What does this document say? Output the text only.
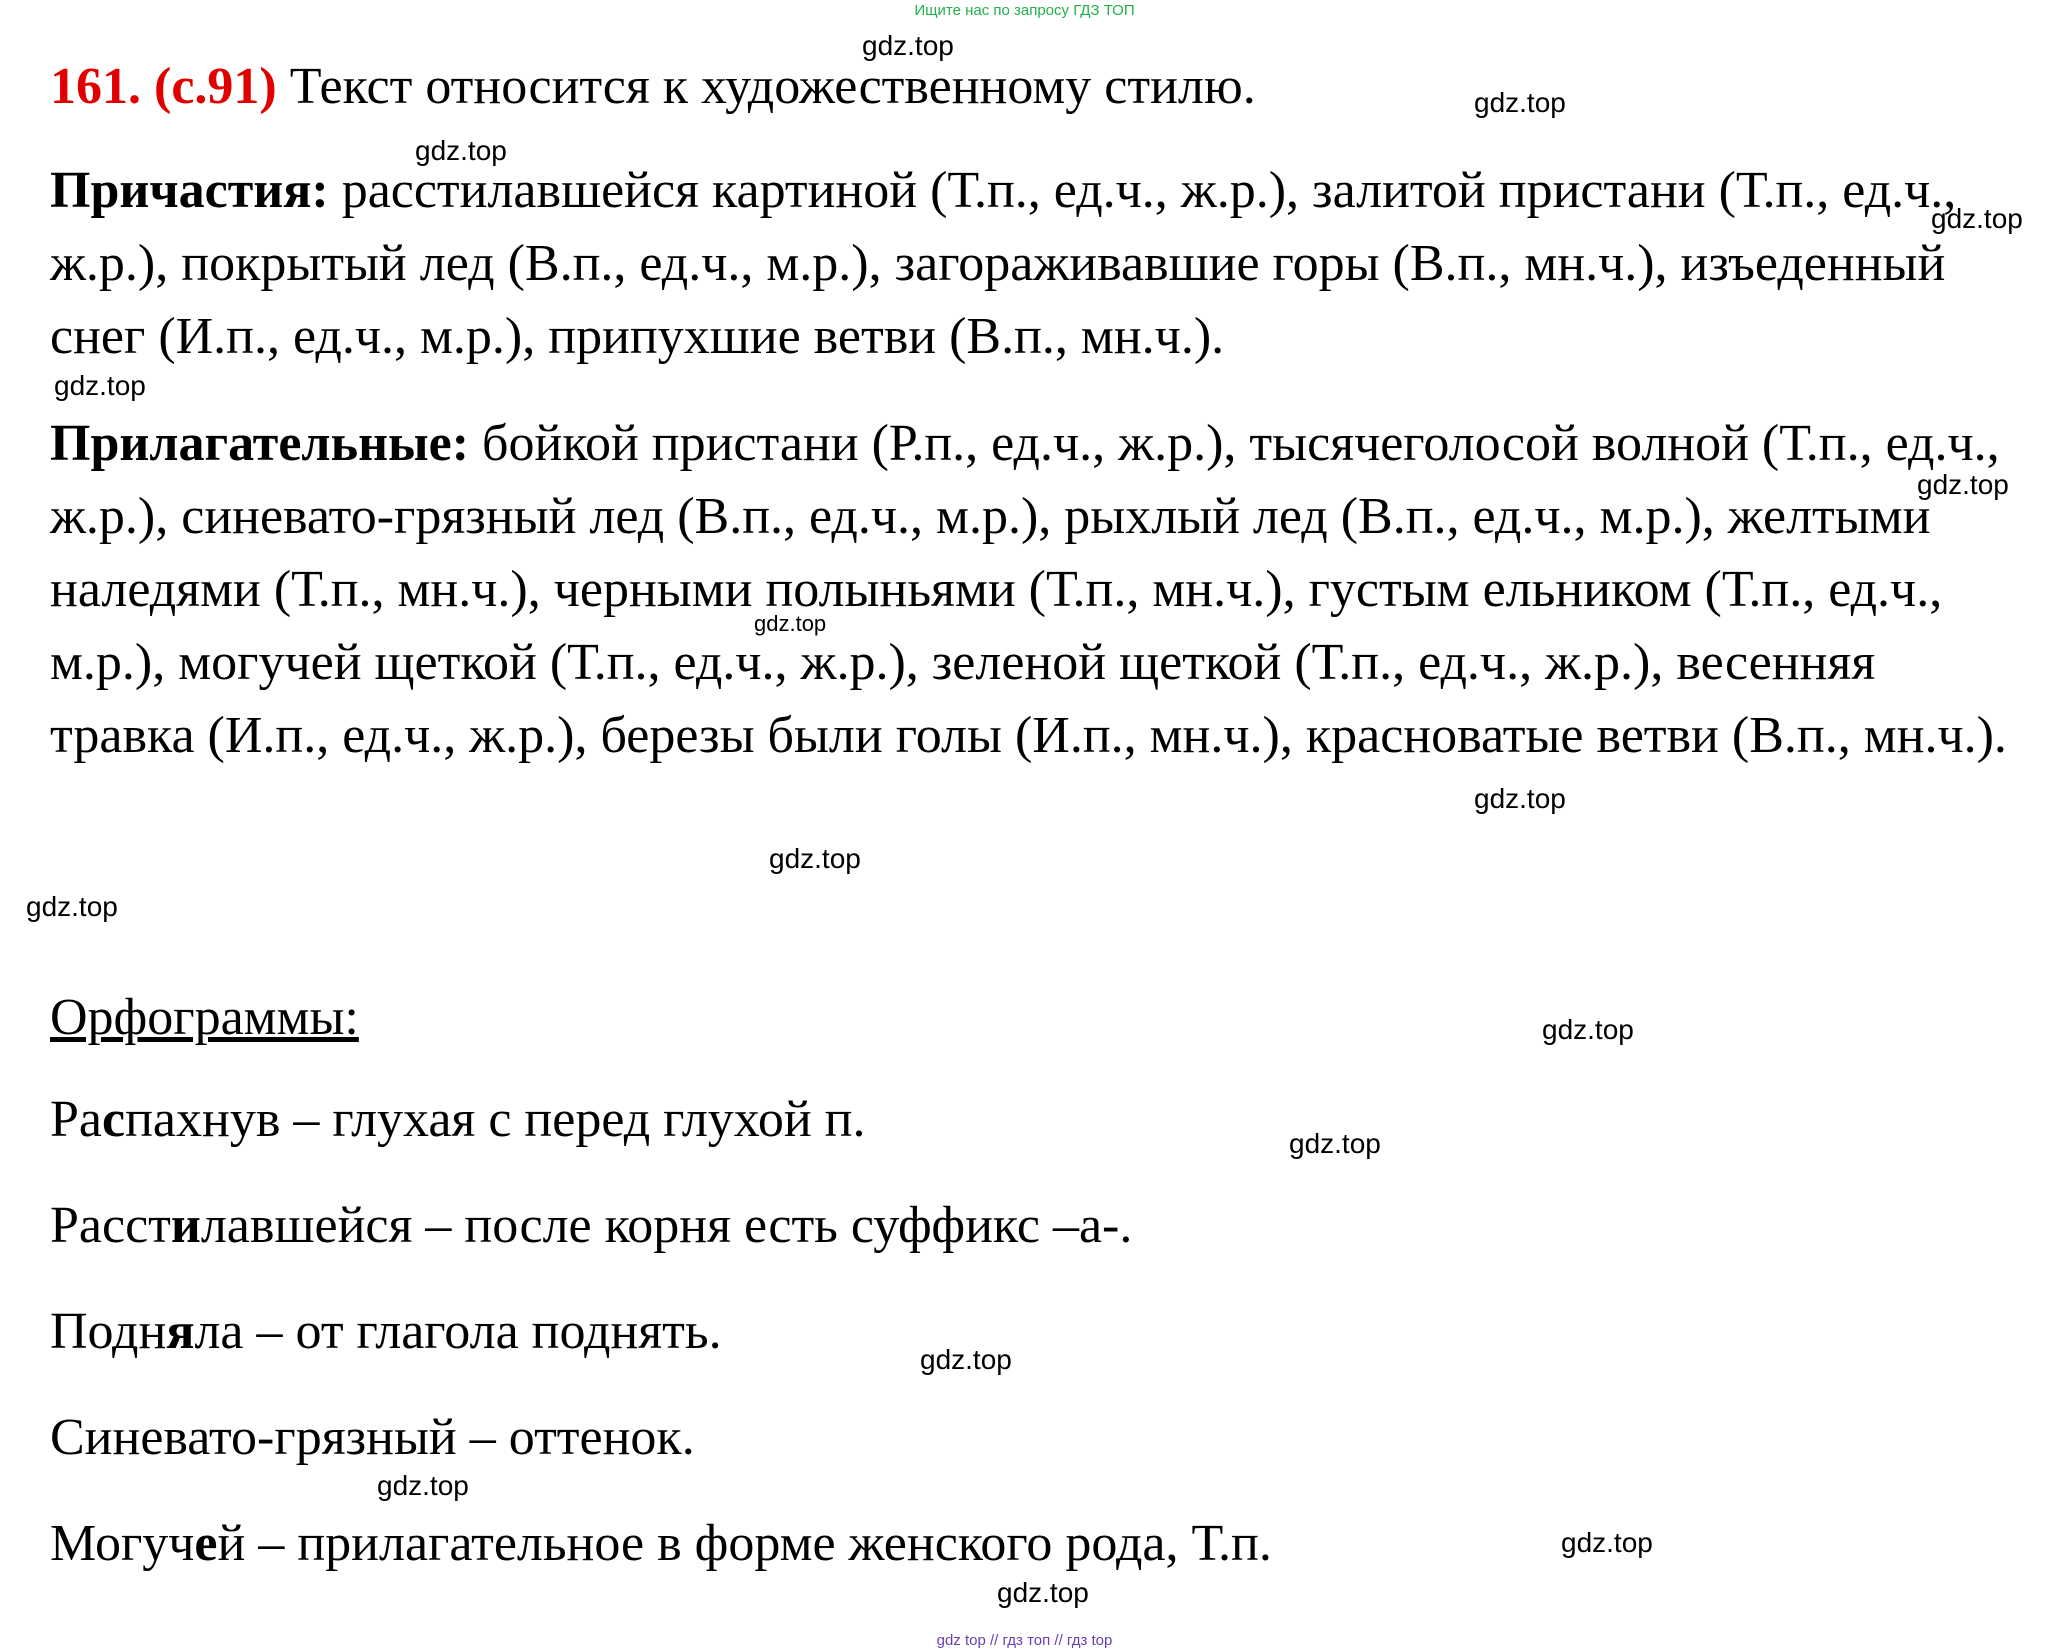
Ищите нас по запросу ГДЗ ТОП
161. (с.91) Текст относится к художественному стилю.
Причастия: расстилавшейся картиной (Т.п., ед.ч., ж.р.), залитой пристани (Т.п., ед.ч., ж.р.), покрытый лед (В.п., ед.ч., м.р.), загораживавшие горы (В.п., мн.ч.), изъеденный снег (И.п., ед.ч., м.р.), припухшие ветви (В.п., мн.ч.).
Прилагательные: бойкой пристани (Р.п., ед.ч., ж.р.), тысячеголосой волной (Т.п., ед.ч., ж.р.), синевато-грязный лед (В.п., ед.ч., м.р.), рыхлый лед (В.п., ед.ч., м.р.), желтыми наледями (Т.п., мн.ч.), черными полыньями (Т.п., мн.ч.), густым ельником (Т.п., ед.ч., м.р.), могучей щеткой (Т.п., ед.ч., ж.р.), зеленой щеткой (Т.п., ед.ч., ж.р.), весенняя травка (И.п., ед.ч., ж.р.), березы были голы (И.п., мн.ч.), красноватые ветви (В.п., мн.ч.).
Орфограммы:
Распахнув – глухая с перед глухой п.
Расстилавшейся – после корня есть суффикс –а-.
Подняла – от глагола поднять.
Синевато-грязный – оттенок.
Могучей – прилагательное в форме женского рода, Т.п.
gdz.top
gdz.top
gdz.top
gdz.top
gdz.top
gdz.top
gdz.top
gdz.top
gdz.top
gdz.top
gdz.top
gdz.top
gdz.top
gdz.top
gdz.top
gdz.top
gdz top // гдз топ // гдз top
